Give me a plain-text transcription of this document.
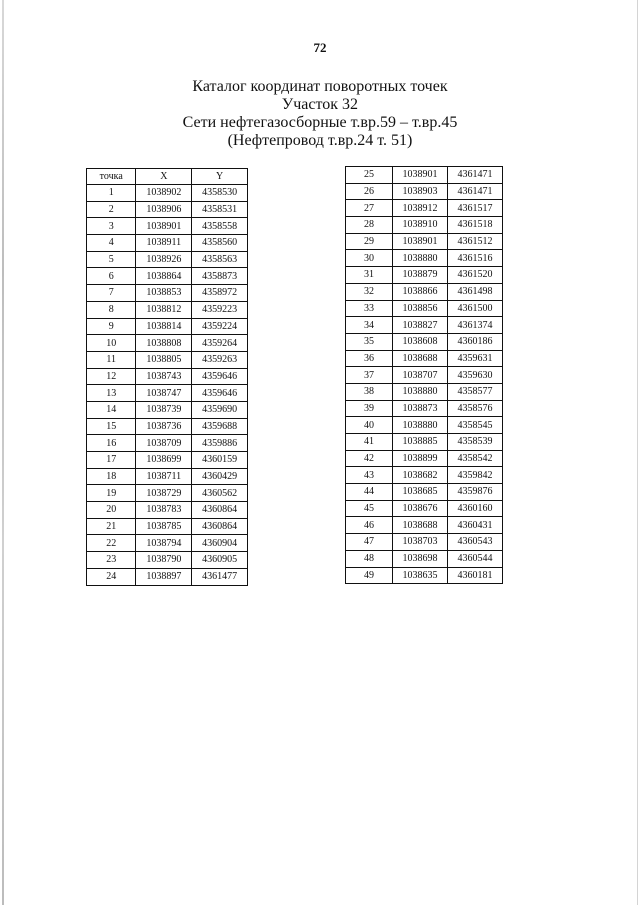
72
Каталог координат поворотных точек
Участок 32
Сети нефтегазосборные т.вр.59 – т.вр.45
(Нефтепровод т.вр.24 т. 51)
точка	X	Y
1	1038902	4358530
2	1038906	4358531
3	1038901	4358558
4	1038911	4358560
5	1038926	4358563
6	1038864	4358873
7	1038853	4358972
8	1038812	4359223
9	1038814	4359224
10	1038808	4359264
11	1038805	4359263
12	1038743	4359646
13	1038747	4359646
14	1038739	4359690
15	1038736	4359688
16	1038709	4359886
17	1038699	4360159
18	1038711	4360429
19	1038729	4360562
20	1038783	4360864
21	1038785	4360864
22	1038794	4360904
23	1038790	4360905
24	1038897	4361477
25	1038901	4361471
26	1038903	4361471
27	1038912	4361517
28	1038910	4361518
29	1038901	4361512
30	1038880	4361516
31	1038879	4361520
32	1038866	4361498
33	1038856	4361500
34	1038827	4361374
35	1038608	4360186
36	1038688	4359631
37	1038707	4359630
38	1038880	4358577
39	1038873	4358576
40	1038880	4358545
41	1038885	4358539
42	1038899	4358542
43	1038682	4359842
44	1038685	4359876
45	1038676	4360160
46	1038688	4360431
47	1038703	4360543
48	1038698	4360544
49	1038635	4360181
